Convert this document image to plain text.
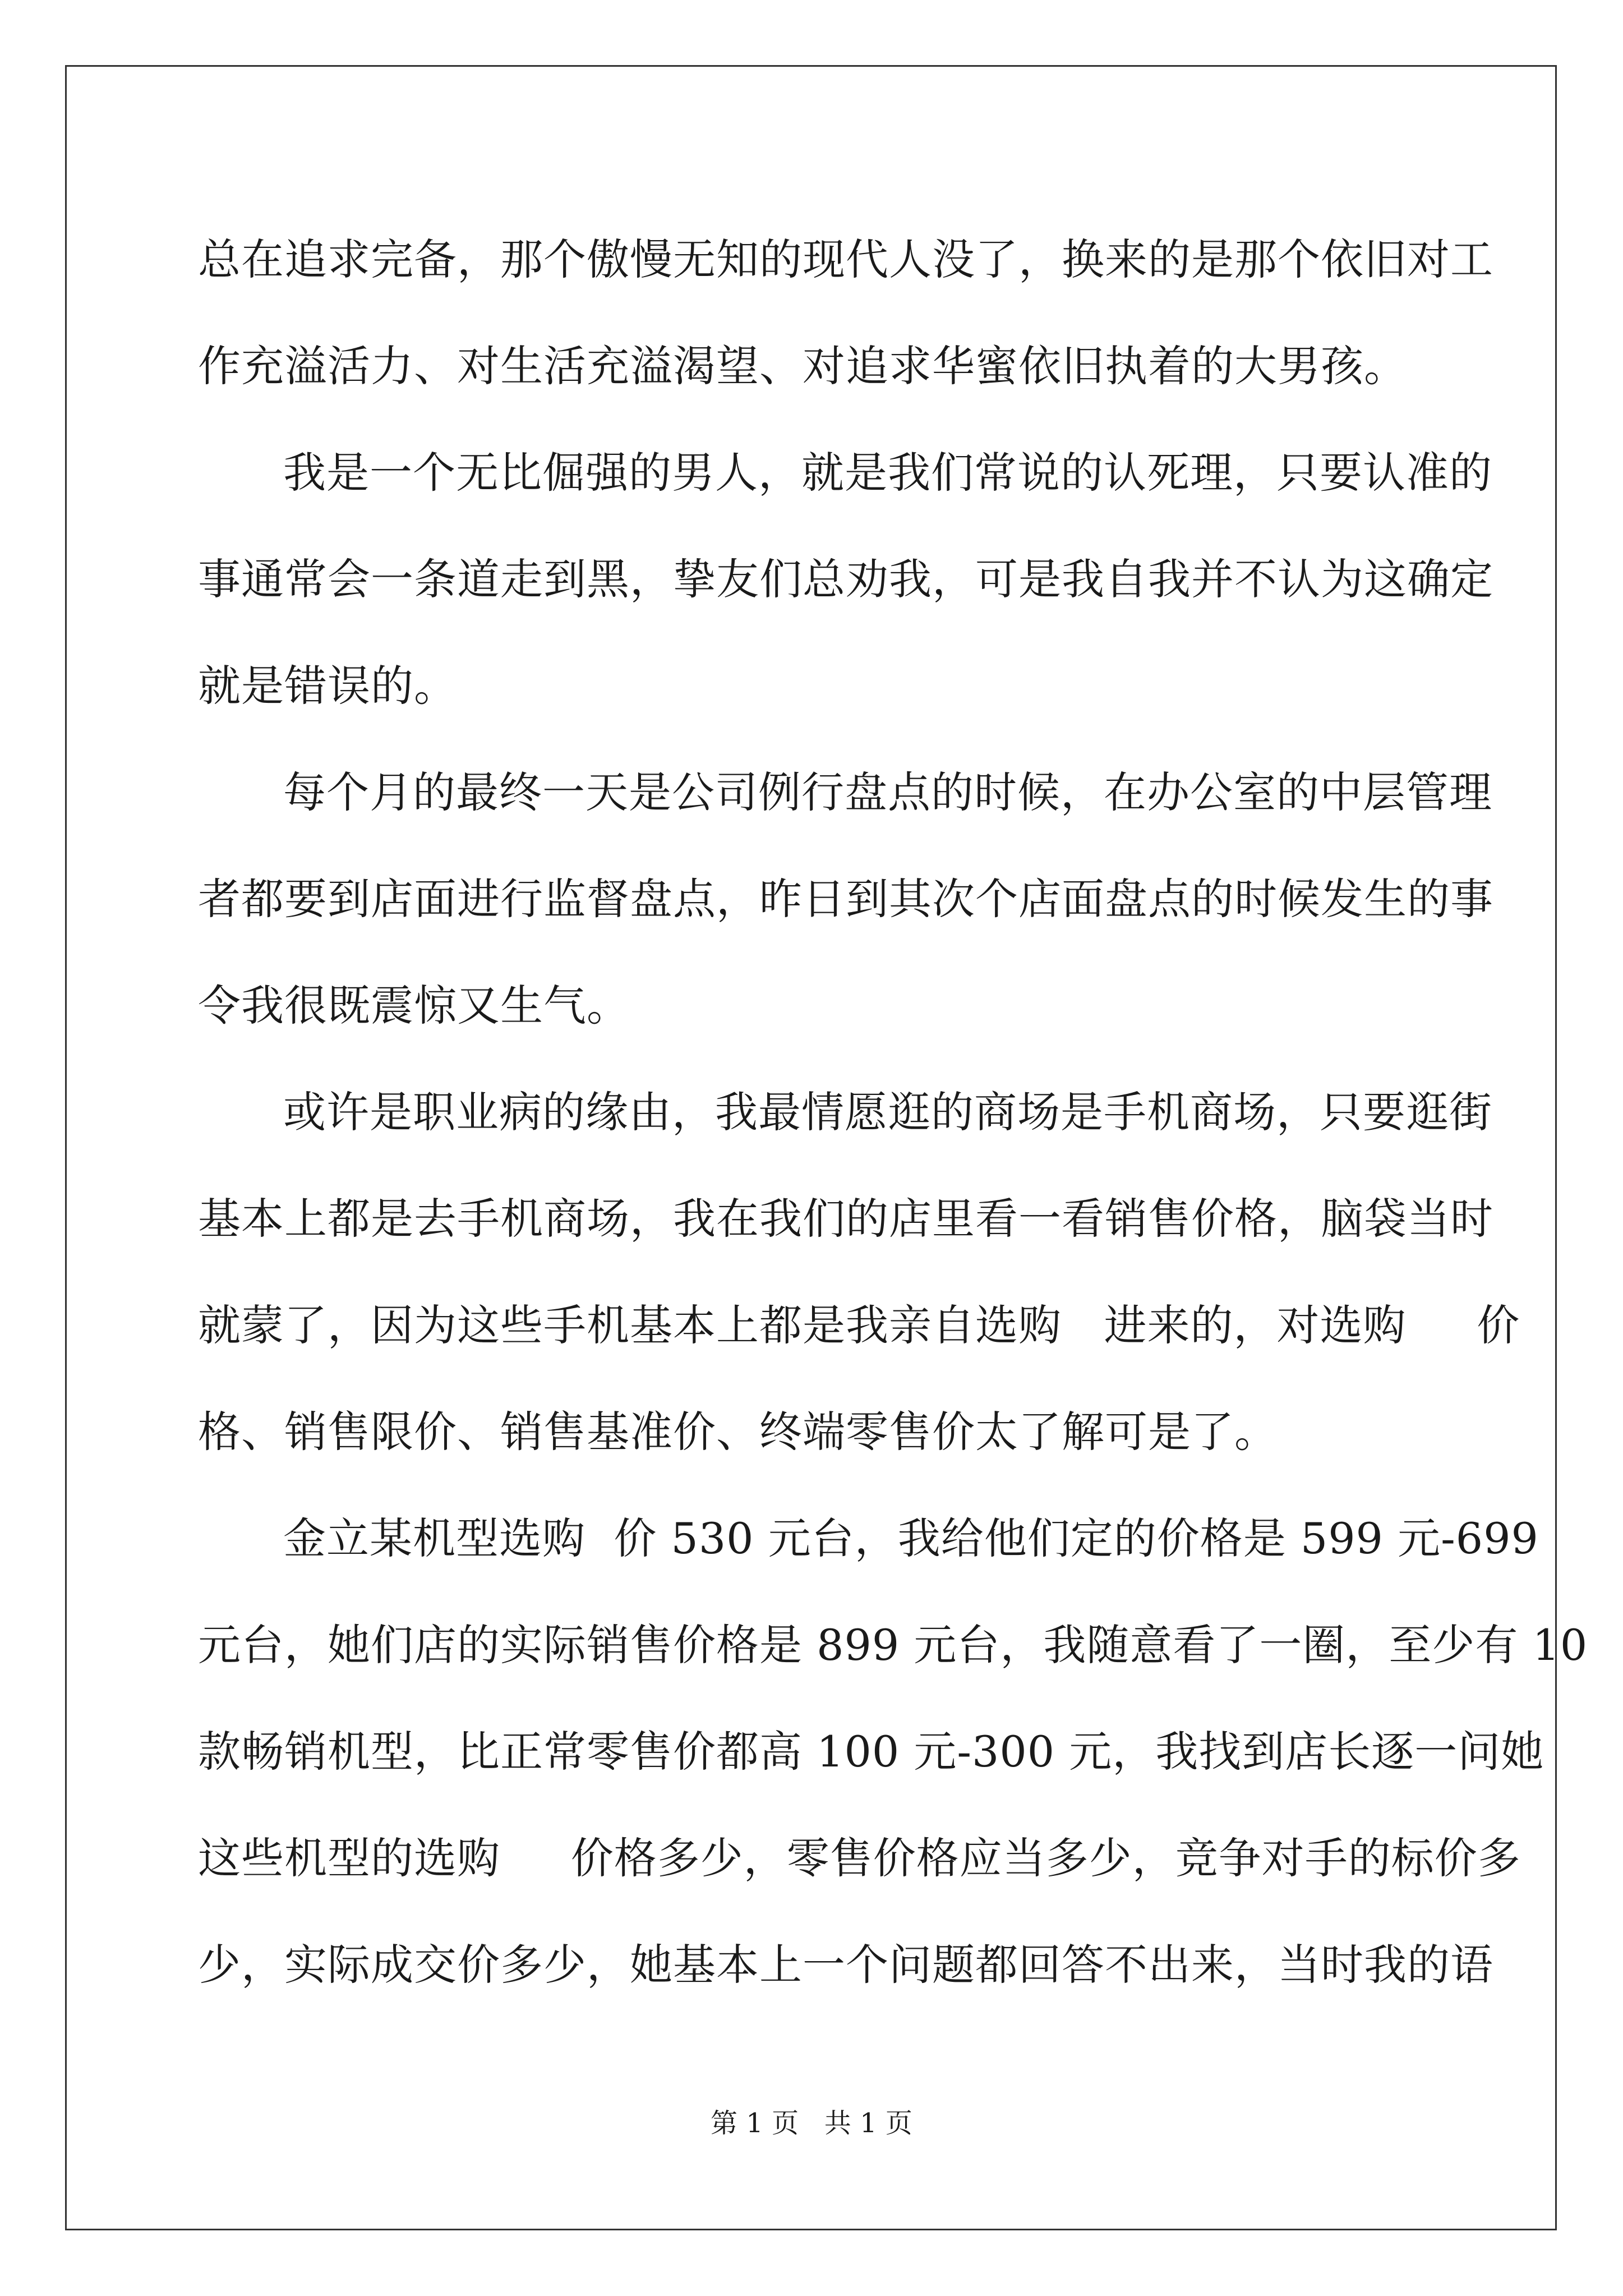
总在追求完备，那个傲慢无知的现代人没了，换来的是那个依旧对工
作充溢活力、对生活充溢渴望、对追求华蜜依旧执着的大男孩。
我是一个无比倔强的男人，就是我们常说的认死理，只要认准的
事通常会一条道走到黑，挚友们总劝我，可是我自我并不认为这确定
就是错误的。
每个月的最终一天是公司例行盘点的时候，在办公室的中层管理
者都要到店面进行监督盘点，昨日到其次个店面盘点的时候发生的事
令我很既震惊又生气。
或许是职业病的缘由，我最情愿逛的商场是手机商场，只要逛街
基本上都是去手机商场，我在我们的店里看一看销售价格，脑袋当时
就蒙了，因为这些手机基本上都是我亲自选购   进来的，对选购     价
格、销售限价、销售基准价、终端零售价太了解可是了。
金立某机型选购  价 530 元台，我给他们定的价格是 599 元-699
元台，她们店的实际销售价格是 899 元台，我随意看了一圈，至少有 10
款畅销机型，比正常零售价都高 100 元-300 元，我找到店长逐一问她
这些机型的选购     价格多少，零售价格应当多少，竞争对手的标价多
少，实际成交价多少，她基本上一个问题都回答不出来，当时我的语
第 1 页   共 1 页
